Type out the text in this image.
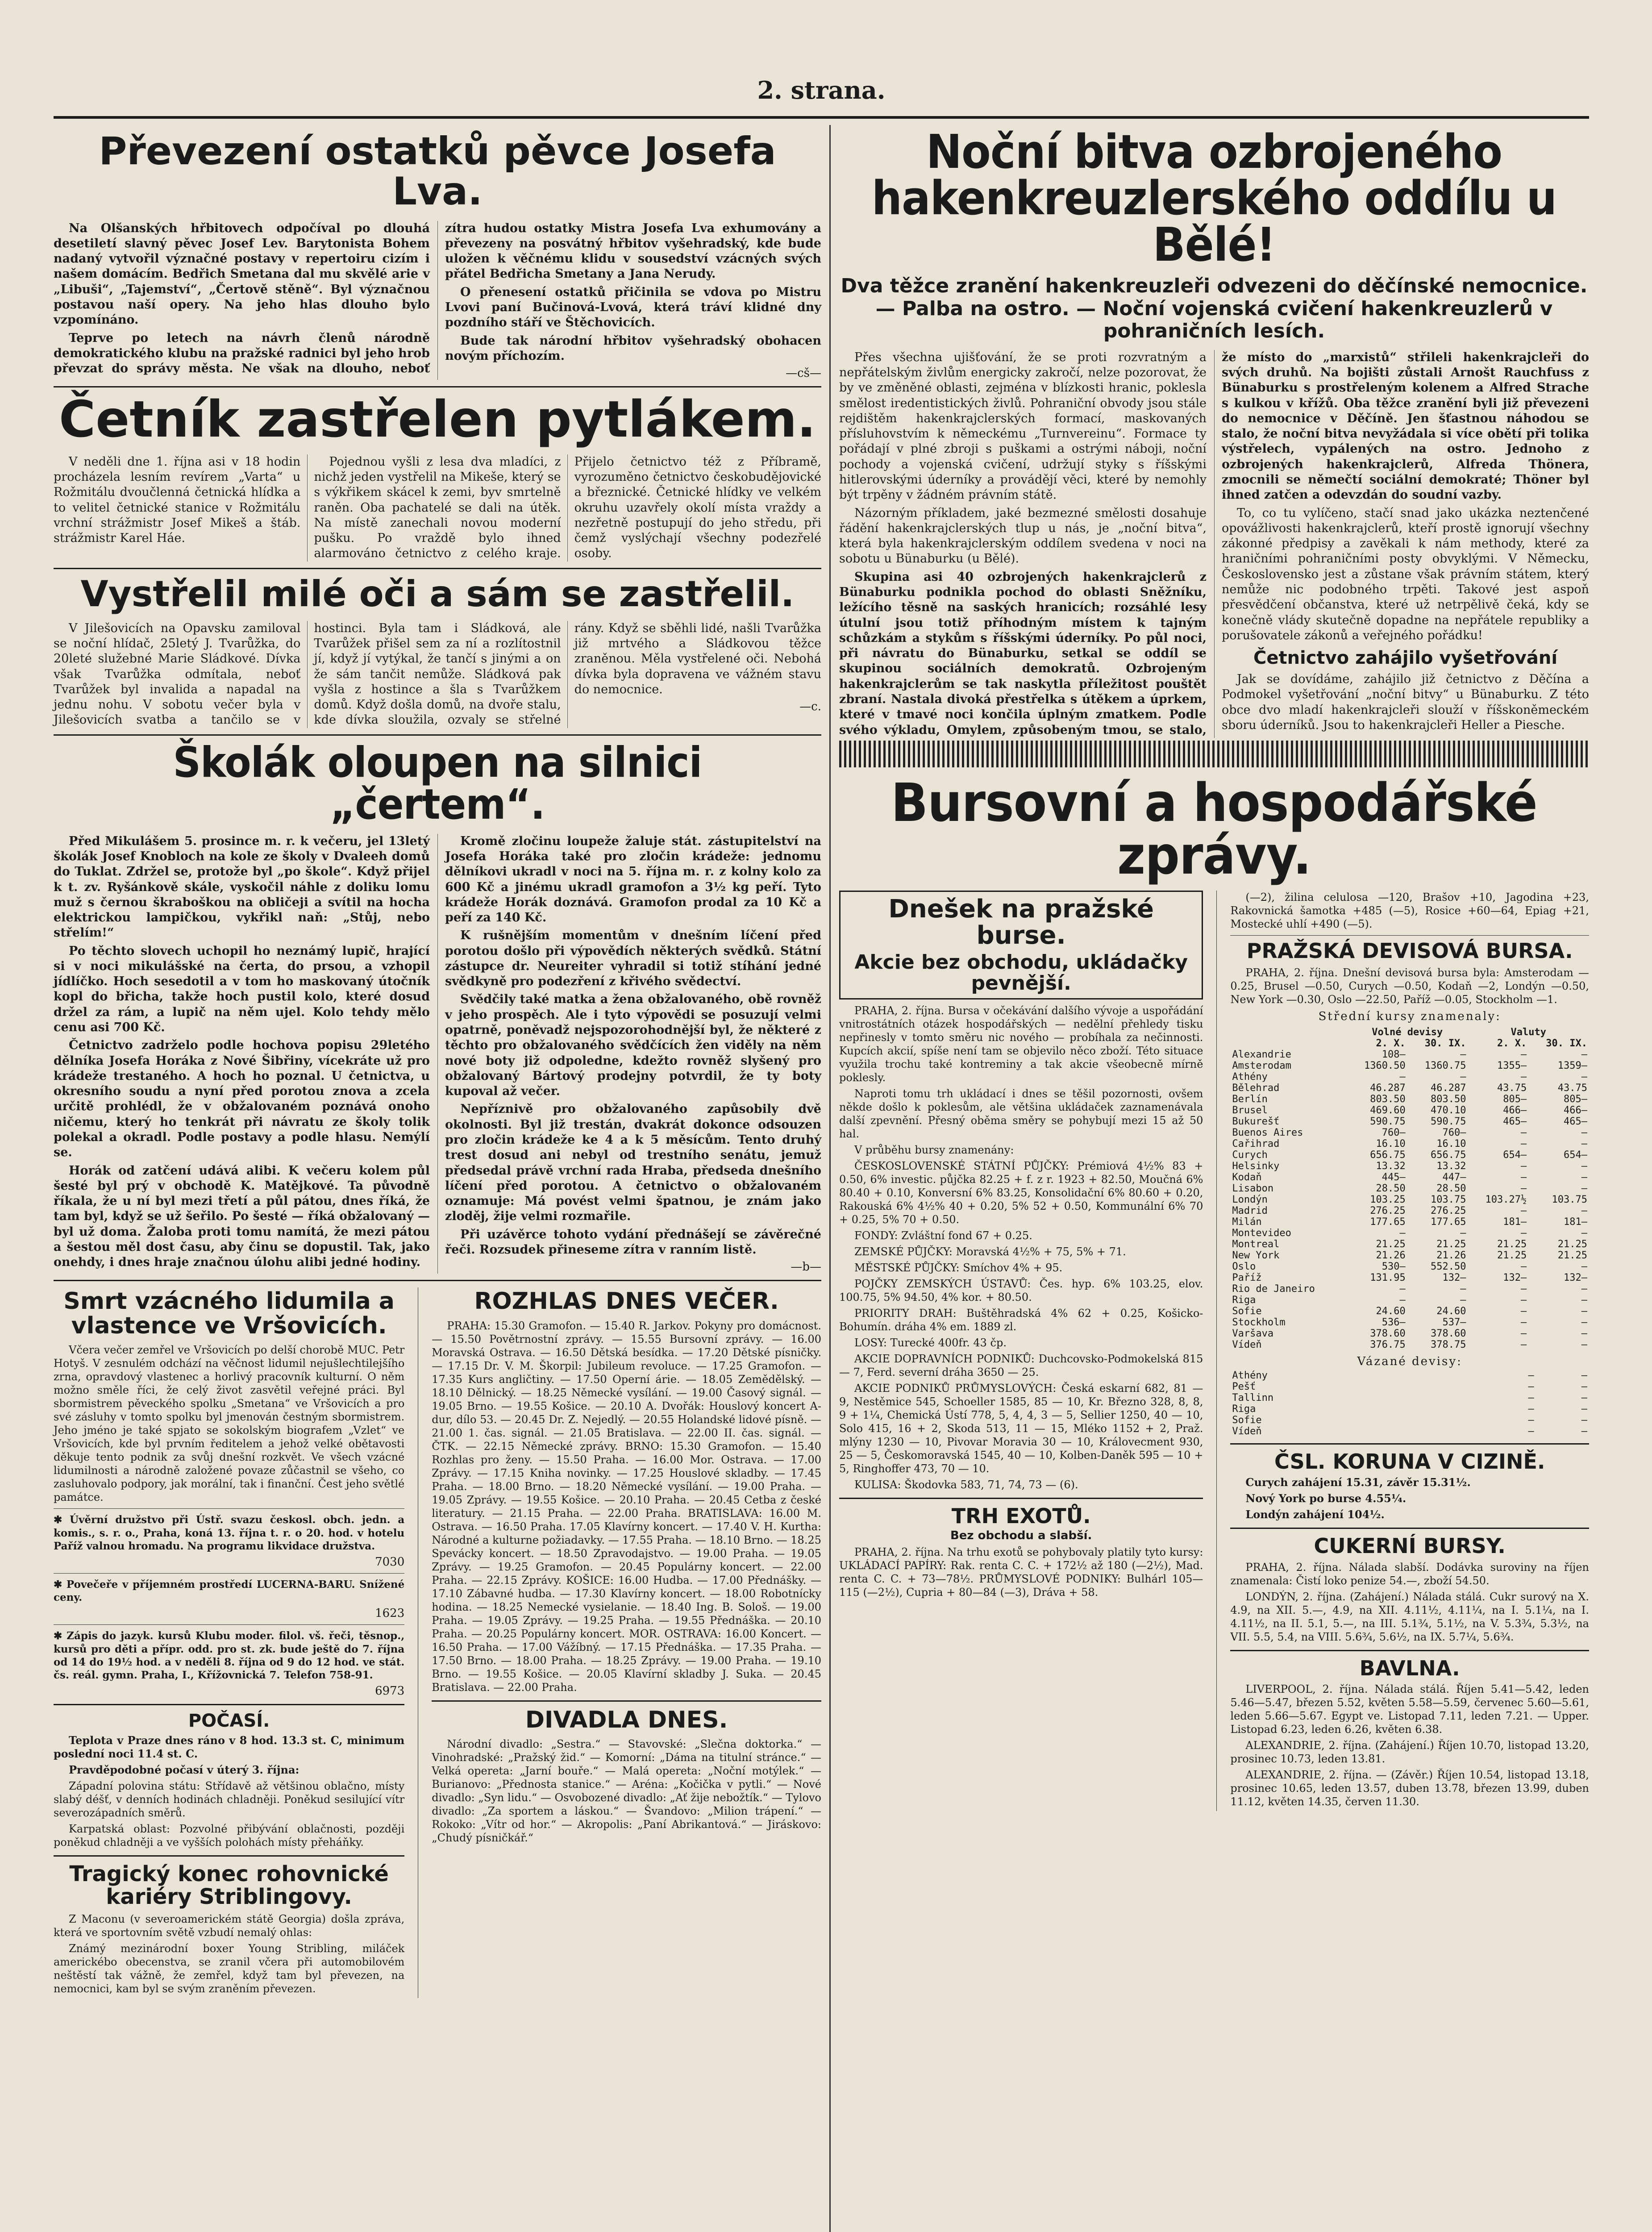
2. strana.
Převezení ostatků pěvce Josefa Lva.

Na Olšanských hřbitovech odpočíval po dlouhá desetiletí slavný pěvec Josef Lev. Barytonista Bohem nadaný vytvořil význačné postavy v repertoiru cizím i našem domácím. Bedřich Smetana dal mu skvělé arie v „Libuši“, „Tajemství“, „Čertově stěně“. Byl význačnou postavou naší opery. Na jeho hlas dlouho bylo vzpomínáno.

Teprve po letech na návrh členů národně demokratického klubu na pražské radnici byl jeho hrob převzat do správy města. Ne však na dlouho, neboť zítra hudou ostatky Mistra Josefa Lva exhumovány a převezeny na posvátný hřbitov vyšehradský, kde bude uložen k věčnému klidu v sousedství vzácných svých přátel Bedřicha Smetany a Jana Nerudy.

O přenesení ostatků přičinila se vdova po Mistru Lvovi paní Bučinová-Lvová, která tráví klidné dny pozdního stáří ve Štěchovicích.

Bude tak národní hřbitov vyšehradský obohacen novým příchozím.

—cš—
Četník zastřelen pytlákem.

V neděli dne 1. října asi v 18 hodin procházela lesním revírem „Varta“ u Rožmitálu dvoučlenná četnická hlídka a to velitel četnické stanice v Rožmitálu vrchní strážmistr Josef Mikeš a štáb. strážmistr Karel Háe.

Pojednou vyšli z lesa dva mladíci, z nichž jeden vystřelil na Mikeše, který se s výkřikem skácel k zemi, byv smrtelně raněn. Oba pachatelé se dali na útěk. Na místě zanechali novou moderní pušku. Po vraždě bylo ihned alarmováno četnictvo z celého kraje. Přijelo četnictvo též z Příbramě, vyrozuměno četnictvo českobudějovické a březnické. Četnické hlídky ve velkém okruhu uzavřely okolí místa vraždy a nezřetně postupují do jeho středu, při čemž vyslýchají všechny podezřelé osoby.

Vystřelil milé oči a sám se zastřelil.

V Jilešovicích na Opavsku zamiloval se noční hlídač, 25letý J. Tvarůžka, do 20leté služebné Marie Sládkové. Dívka však Tvarůžka odmítala, neboť Tvarůžek byl invalida a napadal na jednu nohu. V sobotu večer byla v Jilešovicích svatba a tančilo se v hostinci. Byla tam i Sládková, ale Tvarůžek přišel sem za ní a rozlítostnil jí, když jí vytýkal, že tančí s jinými a on že sám tančit nemůže. Sládková pak vyšla z hostince a šla s Tvarůžkem domů. Když došla domů, na dvoře stalu, kde dívka sloužila, ozvaly se střelné rány. Když se sběhli lidé, našli Tvarůžka již mrtvého a Sládkovou těžce zraněnou. Měla vystřelené oči. Nebohá dívka byla dopravena ve vážném stavu do nemocnice.

—c.
Školák oloupen na silnici „čertem“.

Před Mikulášem 5. prosince m. r. k večeru, jel 13letý školák Josef Knobloch na kole ze školy v Dvaleeh domů do Tuklat. Zdržel se, protože byl „po škole“. Když přijel k t. zv. Ryšánkově skále, vyskočil náhle z doliku lomu muž s černou škraboškou na obličeji a svítil na hocha elektrickou lampičkou, vykřikl naň: „Stůj, nebo střelím!“

Po těchto slovech uchopil ho neznámý lupič, hrající si v noci mikulášské na čerta, do prsou, a vzhopil jídlíčko. Hoch sesedotil a v tom ho maskovaný útočník kopl do břicha, takže hoch pustil kolo, které dosud držel za rám, a lupič na něm ujel. Kolo tehdy mělo cenu asi 700 Kč.

Četnictvo zadrželo podle hochova popisu 29letého dělníka Josefa Horáka z Nové Šibřiny, vícekráte už pro krádeže trestaného. A hoch ho poznal. U četnictva, u okresního soudu a nyní před porotou znova a zcela určitě prohlédl, že v obžalovaném poznává onoho ničemu, který ho tenkrát při návratu ze školy tolik polekal a okradl. Podle postavy a podle hlasu. Nemýlí se.

Horák od zatčení udává alibi. K večeru kolem půl šesté byl prý v obchodě K. Matějkové. Ta původně říkala, že u ní byl mezi třetí a půl pátou, dnes říká, že tam byl, když se už šeřilo. Po šesté — říká obžalovaný — byl už doma. Žaloba proti tomu namítá, že mezi pátou a šestou měl dost času, aby činu se dopustil. Tak, jako onehdy, i dnes hraje značnou úlohu alibi jedné hodiny.

Kromě zločinu loupeže žaluje stát. zástupitelství na Josefa Horáka také pro zločin krádeže: jednomu dělníkovi ukradl v noci na 5. října m. r. z kolny kolo za 600 Kč a jinému ukradl gramofon a 3½ kg peří. Tyto krádeže Horák doznává. Gramofon prodal za 10 Kč a peří za 140 Kč.

K rušnějším momentům v dnešním líčení před porotou došlo při výpovědích některých svědků. Státní zástupce dr. Neureiter vyhradil si totiž stíhání jedné svědkyně pro podezření z křivého svědectví.

Svědčily také matka a žena obžalovaného, obě rovněž v jeho prospěch. Ale i tyto výpovědi se posuzují velmi opatrně, poněvadž nejspozorohodnější byl, že některé z těchto pro obžalovaného svědčících žen viděly na něm nové boty již odpoledne, kdežto rovněž slyšený pro obžalovaný Bártový prodejny potvrdil, že ty boty kupoval až večer.

Nepříznivě pro obžalovaného zapůsobily dvě okolnosti. Byl již trestán, dvakrát dokonce odsouzen pro zločin krádeže ke 4 a k 5 měsícům. Tento druhý trest dosud ani nebyl od trestního senátu, jemuž předsedal právě vrchní rada Hraba, předseda dnešního líčení před porotou. A četnictvo o obžalovaném oznamuje: Má povést velmi špatnou, je znám jako zloděj, žije velmi rozmařile.

Při uzávěrce tohoto vydání přednášejí se závěrečné řeči. Rozsudek přineseme zítra v ranním listě.

—b—
Smrt vzácného lidumila a vlastence ve Vršovicích.

Včera večer zemřel ve Vršovicích po delší chorobě MUC. Petr Hotyš. V zesnulém odchází na věčnost lidumil nejušlechtilejšího zrna, opravdový vlastenec a horlivý pracovník kulturní. O něm možno směle říci, že celý život zasvětil veřejné práci. Byl sbormistrem pěveckého spolku „Smetana“ ve Vršovicích a pro své zásluhy v tomto spolku byl jmenován čestným sbormistrem. Jeho jméno je také spjato se sokolským biografem „Vzlet“ ve Vršovicích, kde byl prvním ředitelem a jehož velké obětavosti děkuje tento podnik za svůj dnešní rozkvět. Ve všech vzácné lidumilnosti a národně založené povaze zůčastnil se všeho, co zasluhovalo podpory, jak morální, tak i finanční. Čest jeho světlé památce.

✱ Úvěrní družstvo při Ústř. svazu českosl. obch. jedn. a komis., s. r. o., Praha, koná 13. října t. r. o 20. hod. v hotelu Paříž valnou hromadu. Na programu likvidace družstva.

7030

✱ Povečeře v příjemném prostředí LUCERNA-BARU. Snížené ceny.

1623

✱ Zápis do jazyk. kursů Klubu moder. filol. vš. řeči, těsnop., kursů pro děti a přípr. odd. pro st. zk. bude ještě do 7. října od 14 do 19½ hod. a v neděli 8. října od 9 do 12 hod. ve stát. čs. reál. gymn. Praha, I., Křížovnická 7. Telefon 758-91.

6973
POČASÍ.

Teplota v Praze dnes ráno v 8 hod. 13.3 st. C, minimum poslední noci 11.4 st. C.

Pravděpodobné počasí v úterý 3. října:

Západní polovina státu: Střídavě až většinou oblačno, místy slabý déšť, v denních hodinách chladněji. Poněkud sesilující vítr severozápadních směrů.

Karpatská oblast: Pozvolné přibývání oblačnosti, později poněkud chladněji a ve vyšších polohách místy přeháňky.

Tragický konec rohovnické kariéry Striblingovy.

Z Maconu (v severoamerickém státě Georgia) došla zpráva, která ve sportovním světě vzbudí nemalý ohlas:

Známý mezinárodní boxer Young Stribling, miláček americkébo obecenstva, se zranil včera při automobilovém neštěstí tak vážně, že zemřel, když tam byl převezen, na nemocnici, kam byl se svým zraněním převezen.

ROZHLAS DNES VEČER.

PRAHA: 15.30 Gramofon. — 15.40 R. Jarkov. Pokyny pro domácnost. — 15.50 Povětrnostní zprávy. — 15.55 Bursovní zprávy. — 16.00 Moravská Ostrava. — 16.50 Dětská besídka. — 17.20 Dětské písničky. — 17.15 Dr. V. M. Škorpil: Jubileum revoluce. — 17.25 Gramofon. — 17.35 Kurs angličtiny. — 17.50 Operní árie. — 18.05 Zemědělský. — 18.10 Dělnický. — 18.25 Německé vysílání. — 19.00 Časový signál. — 19.05 Brno. — 19.55 Košice. — 20.10 A. Dvořák: Houslový koncert A-dur, dílo 53. — 20.45 Dr. Z. Nejedlý. — 20.55 Holandské lidové písně. — 21.00 1. čas. signál. — 21.05 Bratislava. — 22.00 II. čas. signál. — ČTK. — 22.15 Německé zprávy. BRNO: 15.30 Gramofon. — 15.40 Rozhlas pro ženy. — 15.50 Praha. — 16.00 Mor. Ostrava. — 17.00 Zprávy. — 17.15 Kniha novinky. — 17.25 Houslové skladby. — 17.45 Praha. — 18.00 Brno. — 18.20 Německé vysílání. — 19.00 Praha. — 19.05 Zprávy. — 19.55 Košice. — 20.10 Praha. — 20.45 Cetba z české literatury. — 21.15 Praha. — 22.00 Praha. BRATISLAVA: 16.00 M. Ostrava. — 16.50 Praha. 17.05 Klavírny koncert. — 17.40 V. H. Kurtha: Národné a kulturne požiadavky. — 17.55 Praha. — 18.10 Brno. — 18.25 Spevácky koncert. — 18.50 Zpravodajstvo. — 19.00 Praha. — 19.05 Zprávy. — 19.25 Gramofon. — 20.45 Populárny koncert. — 22.00 Praha. — 22.15 Zprávy. KOŠICE: 16.00 Hudba. — 17.00 Přednášky. — 17.10 Zábavné hudba. — 17.30 Klavírny koncert. — 18.00 Robotnícky hodina. — 18.25 Nemecké vysielanie. — 18.40 Ing. B. Sološ. — 19.00 Praha. — 19.05 Zprávy. — 19.25 Praha. — 19.55 Přednáška. — 20.10 Praha. — 20.25 Populárny koncert. MOR. OSTRAVA: 16.00 Koncert. — 16.50 Praha. — 17.00 Vážíbný. — 17.15 Přednáška. — 17.35 Praha. — 17.50 Brno. — 18.00 Praha. — 18.25 Zprávy. — 19.00 Praha. — 19.10 Brno. — 19.55 Košice. — 20.05 Klavírní skladby J. Suka. — 20.45 Bratislava. — 22.00 Praha.

DIVADLA DNES.

Národní divadlo: „Sestra.“ — Stavovské: „Slečna doktorka.“ — Vinohradské: „Pražský žid.“ — Komorní: „Dáma na titulní stránce.“ — Velká opereta: „Jarní bouře.“ — Malá opereta: „Noční motýlek.“ — Burianovo: „Přednosta stanice.“ — Aréna: „Kočička v pytli.“ — Nové divadlo: „Syn lidu.“ — Osvobozené divadlo: „Ať žije nebožtík.“ — Tylovo divadlo: „Za sportem a láskou.“ — Švandovo: „Milion trápení.“ — Rokoko: „Vítr od hor.“ — Akropolis: „Paní Abrikantová.“ — Jiráskovo: „Chudý písničkář.“

Noční bitva ozbrojeného hakenkreuzlerského oddílu u Bělé!
Dva těžce zranění hakenkreuzleři odvezeni do děčínské nemocnice. — Palba na ostro. — Noční vojenská cvičení hakenkreuzlerů v pohraničních lesích.

Přes všechna ujišťování, že se proti rozvratným a nepřátelským živlům energicky zakročí, nelze pozorovat, že by ve změněné oblasti, zejména v blízkosti hranic, poklesla smělost iredentistických živlů. Pohraniční obvody jsou stále rejdištěm hakenkrajclerských formací, maskovaných přísluhovstvím k německému „Turnvereinu“. Formace ty pořádají v plné zbroji s puškami a ostrými náboji, noční pochody a vojenská cvičení, udržují styky s říšskými hitlerovskými úderníky a provádějí věci, které by nemohly být trpěny v žádném právním státě.

Názorným příkladem, jaké bezmezné smělosti dosahuje řádění hakenkrajclerských tlup u nás, je „noční bitva“, která byla hakenkrajclerským oddílem svedena v noci na sobotu u Bünaburku (u Bělé).

Skupina asi 40 ozbrojených hakenkrajclerů z Bünaburku podnikla pochod do oblasti Sněžníku, ležícího těsně na saských hranicích; rozsáhlé lesy útulní jsou totiž příhodným místem k tajným schůzkám a stykům s říšskými úderníky. Po půl noci, při návratu do Bünaburku, setkal se oddíl se skupinou sociálních demokratů. Ozbrojeným hakenkrajclerům se tak naskytla příležitost pouštět zbraní. Nastala divoká přestřelka s útěkem a úprkem, které v tmavé noci končila úplným zmatkem. Podle svého výkladu, Omylem, způsobeným tmou, se stalo, že místo do „marxistů“ střileli hakenkrajcleři do svých druhů. Na bojišti zůstali Arnošt Rauchfuss z Bünaburku s prostřeleným kolenem a Alfred Strache s kulkou v křížů. Oba těžce zranění byli již převezeni do nemocnice v Děčíně. Jen šťastnou náhodou se stalo, že noční bitva nevyžádala si více obětí při tolika výstřelech, vypálených na ostro. Jednoho z ozbrojených hakenkrajclerů, Alfreda Thönera, zmocnili se němečtí sociální demokraté; Thöner byl ihned zatčen a odevzdán do soudní vazby.

To, co tu vylíčeno, stačí snad jako ukázka neztenčené opovážlivosti hakenkrajclerů, kteří prostě ignorují všechny zákonné předpisy a zavěkali k nám methody, které za hraničními pohraničními posty obvyklými. V Německu, Československo jest a zůstane však právním státem, který nemůže nic podobného trpěti. Takové jest aspoň přesvědčení občanstva, které už netrpělivě čeká, kdy se konečně vlády skutečně dopadne na nepřátele republiky a porušovatele zákonů a veřejného pořádku!

Četnictvo zahájilo vyšetřování

Jak se dovídáme, zahájilo již četnictvo z Děčína a Podmokel vyšetřování „noční bitvy“ u Bünaburku. Z této obce dvo mladí hakenkrajcleři slouží v říšskoněmeckém sboru úderníků. Jsou to hakenkrajcleři Heller a Piesche.

Bursovní a hospodářské zprávy.
Dnešek na pražské burse.
Akcie bez obchodu, ukládačky pevnější.

PRAHA, 2. října. Bursa v očekávání dalšího vývoje a uspořádání vnitrostátních otázek hospodářských — nedělní přehledy tisku nepřinesly v tomto směru nic nového — probíhala za nečinnosti. Kupcích akcií, spíše není tam se objevilo něco zboží. Této situace využila trochu také kontreminy a tak akcie všeobecně mírně poklesly.

Naproti tomu trh ukládací i dnes se těšil pozornosti, ovšem někde došlo k poklesům, ale většina ukládaček zaznamenávala další zpevnění. Přesný oběma směry se pohybují mezi 15 až 50 hal.

V průběhu bursy znamenány:

ČESKOSLOVENSKÉ STÁTNÍ PŮJČKY: Prémiová 4½% 83 + 0.50, 6% investic. půjčka 82.25 + f. z r. 1923 + 82.50, Moučná 6% 80.40 + 0.10, Konversní 6% 83.25, Konsolidační 6% 80.60 + 0.20, Rakouská 6% 4½% 40 + 0.20, 5% 52 + 0.50, Kommunální 6% 70 + 0.25, 5% 70 + 0.50.

FONDY: Zvláštní fond 67 + 0.25.

ZEMSKÉ PŮJČKY: Moravská 4½% + 75, 5% + 71.

MĚSTSKÉ PŮJČKY: Smíchov 4% + 95.

POJČKY ZEMSKÝCH ÚSTAVŮ: Čes. hyp. 6% 103.25, elov. 100.75, 5% 94.50, 4% kor. + 80.50.

PRIORITY DRAH: Buštěhradská 4% 62 + 0.25, Košicko-Bohumín. dráha 4% em. 1889 zl.

LOSY: Turecké 400fr. 43 čp.

AKCIE DOPRAVNÍCH PODNIKŮ: Duchcovsko-Podmokelská 815 — 7, Ferd. severní dráha 3650 — 25.

AKCIE PODNIKŮ PRŮMYSLOVÝCH: Česká eskarní 682, 81 — 9, Nestěmice 545, Schoeller 1585, 85 — 10, Kr. Březno 328, 8, 8, 9 + 1¼, Chemická Ústí 778, 5, 4, 4, 3 — 5, Sellier 1250, 40 — 10, Solo 415, 16 + 2, Skoda 513, 11 — 15, Mléko 1152 + 2, Praž. mlýny 1230 — 10, Pivovar Moravia 30 — 10, Královecment 930, 25 — 5, Českomoravská 1545, 40 — 10, Kolben-Daněk 595 — 10 + 5, Ringhoffer 473, 70 — 10.

KULISA: Škodovka 583, 71, 74, 73 — (6).

TRH EXOTŮ.
Bez obchodu a slabší.

PRAHA, 2. října. Na trhu exotů se pohybovaly platily tyto kursy: UKLÁDACÍ PAPÍRY: Rak. renta C. C. + 172½ až 180 (—2½), Mad. renta C. C. + 73—78½. PRŮMYSLOVÉ PODNIKY: Bulhárl 105—115 (—2½), Cupria + 80—84 (—3), Dráva + 58.

(—2), žilina celulosa —120, Brašov +10, Jagodina +23, Rakovnická šamotka +485 (—5), Rosice +60—64, Epiag +21, Mostecké uhlí +490 (—5).

PRAŽSKÁ DEVISOVÁ BURSA.

PRAHA, 2. října. Dnešní devisová bursa byla: Amsterodam —0.25, Brusel —0.50, Curych —0.50, Kodaň —2, Londýn —0.50, New York —0.30, Oslo —22.50, Paříž —0.05, Stockholm —1.

Střední kursy znamenaly:
	Volné devisy		Valuty	
	2. X.	30. IX.	2. X.	30. IX.
Alexandrie	108—	—	—	—
Amsterodam	1360.50	1360.75	1355—	1359—
Athény	—	—	—	—
Bělehrad	46.287	46.287	43.75	43.75
Berlín	803.50	803.50	805—	805—
Brusel	469.60	470.10	466—	466—
Bukurešť	590.75	590.75	465—	465—
Buenos Aires	760—	760—	—	—
Cařihrad	16.10	16.10	—	—
Curych	656.75	656.75	654—	654—
Helsinky	13.32	13.32	—	—
Kodaň	445—	447—	—	—
Lisabon	28.50	28.50	—	—
Londýn	103.25	103.75	103.27½	103.75
Madrid	276.25	276.25	—	—
Milán	177.65	177.65	181—	181—
Montevideo	—	—	—	—
Montreal	21.25	21.25	21.25	21.25
New York	21.26	21.26	21.25	21.25
Oslo	530—	552.50	—	—
Paříž	131.95	132—	132—	132—
Rio de Janeiro	—	—	—	—
Riga	—	—	—	—
Sofie	24.60	24.60	—	—
Stockholm	536—	537—	—	—
Varšava	378.60	378.60	—	—
Vídeň	376.75	378.75	—	—
Vázané devisy:
Athény	—	—
Pešť	—	—
Tallinn	—	—
Riga	—	—
Sofie	—	—
Vídeň	—	—
ČSL. KORUNA V CIZINĚ.

Curych zahájení 15.31, závěr 15.31½.

Nový York po burse 4.55¼.

Londýn zahájení 104½.

CUKERNÍ BURSY.

PRAHA, 2. října. Nálada slabší. Dodávka suroviny na říjen znamenala: Čistí loko penize 54.—, zboží 54.50.

LONDÝN, 2. října. (Zahájení.) Nálada stálá. Cukr surový na X. 4.9, na XII. 5.—, 4.9, na XII. 4.11½, 4.11¼, na I. 5.1¼, na I. 4.11½, na II. 5.1, 5.—, na III. 5.1¾, 5.1½, na V. 5.3¾, 5.3½, na VII. 5.5, 5.4, na VIII. 5.6¾, 5.6½, na IX. 5.7¼, 5.6¾.

BAVLNA.

LIVERPOOL, 2. října. Nálada stálá. Říjen 5.41—5.42, leden 5.46—5.47, březen 5.52, květen 5.58—5.59, červenec 5.60—5.61, leden 5.66—5.67. Egypt ve. Listopad 7.11, leden 7.21. — Upper. Listopad 6.23, leden 6.26, květen 6.38.

ALEXANDRIE, 2. října. (Zahájení.) Říjen 10.70, listopad 13.20, prosinec 10.73, leden 13.81.

ALEXANDRIE, 2. října. — (Závěr.) Říjen 10.54, listopad 13.18, prosinec 10.65, leden 13.57, duben 13.78, březen 13.99, duben 11.12, květen 14.35, červen 11.30.
